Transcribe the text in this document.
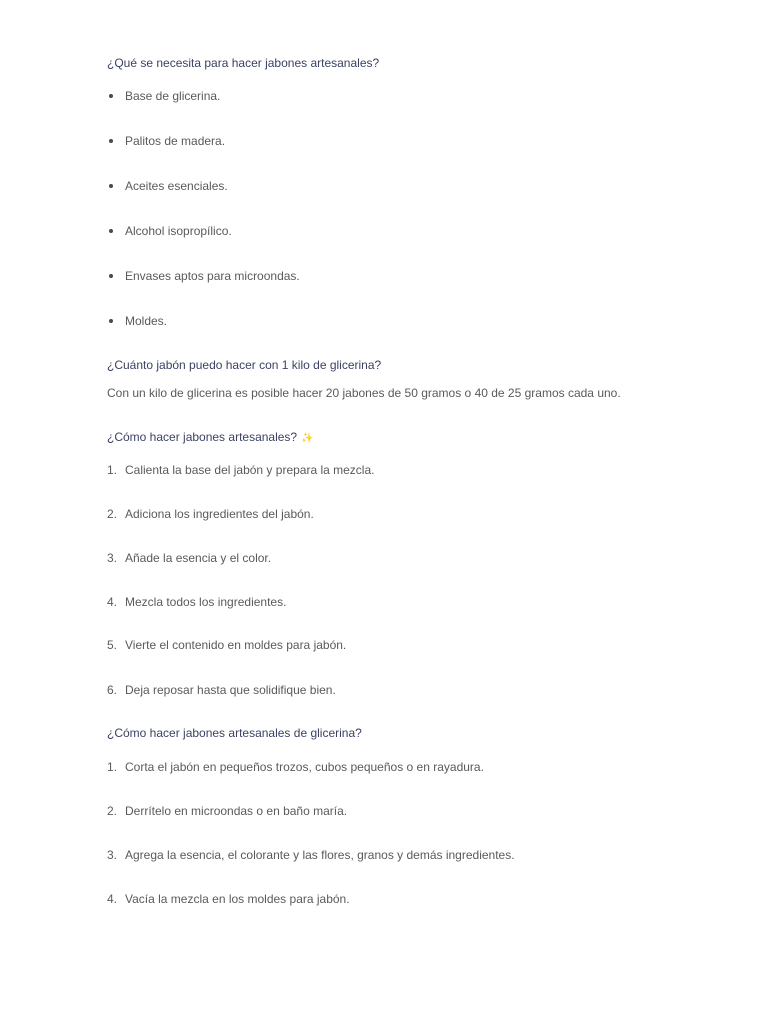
¿Qué se necesita para hacer jabones artesanales?
Base de glicerina.
Palitos de madera.
Aceites esenciales.
Alcohol isopropílico.
Envases aptos para microondas.
Moldes.
¿Cuánto jabón puedo hacer con 1 kilo de glicerina?
Con un kilo de glicerina es posible hacer 20 jabones de 50 gramos o 40 de 25 gramos cada uno.
¿Cómo hacer jabones artesanales? ✨
1. Calienta la base del jabón y prepara la mezcla.
2. Adiciona los ingredientes del jabón.
3. Añade la esencia y el color.
4. Mezcla todos los ingredientes.
5. Vierte el contenido en moldes para jabón.
6. Deja reposar hasta que solidifique bien.
¿Cómo hacer jabones artesanales de glicerina?
1. Corta el jabón en pequeños trozos, cubos pequeños o en rayadura.
2. Derrítelo en microondas o en baño maría.
3. Agrega la esencia, el colorante y las flores, granos y demás ingredientes.
4. Vacía la mezcla en los moldes para jabón.
